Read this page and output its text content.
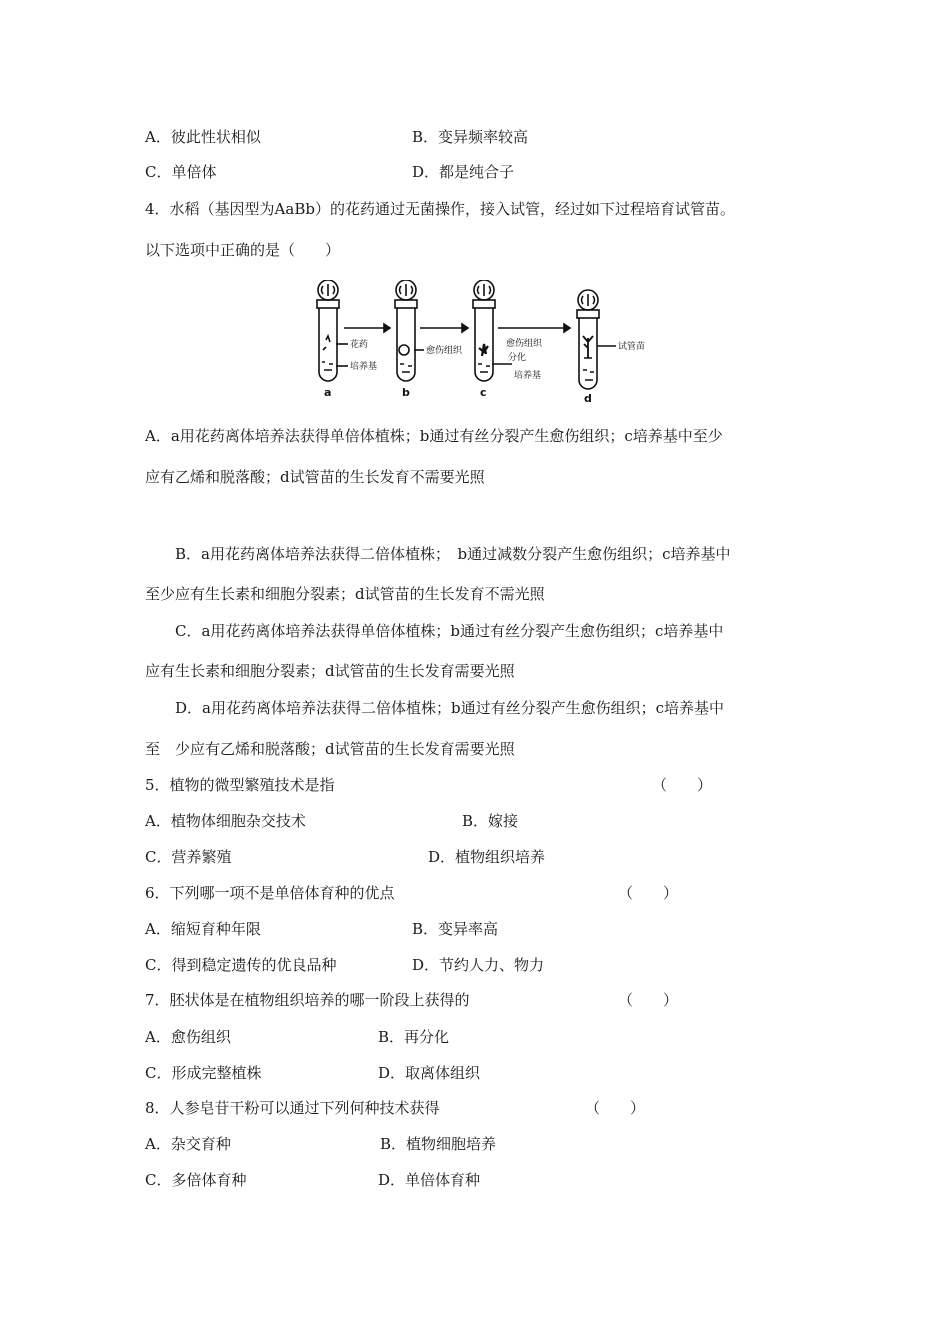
A．彼此性状相似	B．变异频率较高
C．单倍体	D．都是纯合子
4．水稻（基因型为AaBb）的花药通过无菌操作，接入试管，经过如下过程培育试管苗。
以下选项中正确的是（　　）
花药
培养基
愈伤组织
愈伤组织
分化
培养基
试管苗
a	b	c	d
A．a用花药离体培养法获得单倍体植株；b通过有丝分裂产生愈伤组织；c培养基中至少
应有乙烯和脱落酸；d试管苗的生长发育不需要光照
B．a用花药离体培养法获得二倍体植株；　b通过减数分裂产生愈伤组织；c培养基中
至少应有生长素和细胞分裂素；d试管苗的生长发育不需光照
C．a用花药离体培养法获得单倍体植株；b通过有丝分裂产生愈伤组织；c培养基中
应有生长素和细胞分裂素；d试管苗的生长发育需要光照
D．a用花药离体培养法获得二倍体植株；b通过有丝分裂产生愈伤组织；c培养基中
至　少应有乙烯和脱落酸；d试管苗的生长发育需要光照
5．植物的微型繁殖技术是指	（　　）
A．植物体细胞杂交技术	B．嫁接
C．营养繁殖	D．植物组织培养
6．下列哪一项不是单倍体育种的优点	（　　）
A．缩短育种年限	B．变异率高
C．得到稳定遗传的优良品种	D．节约人力、物力
7．胚状体是在植物组织培养的哪一阶段上获得的	（　　）
A．愈伤组织	B．再分化
C．形成完整植株	D．取离体组织
8．人参皂苷干粉可以通过下列何种技术获得	（　　）
A．杂交育种	B．植物细胞培养
C．多倍体育种	D．单倍体育种
